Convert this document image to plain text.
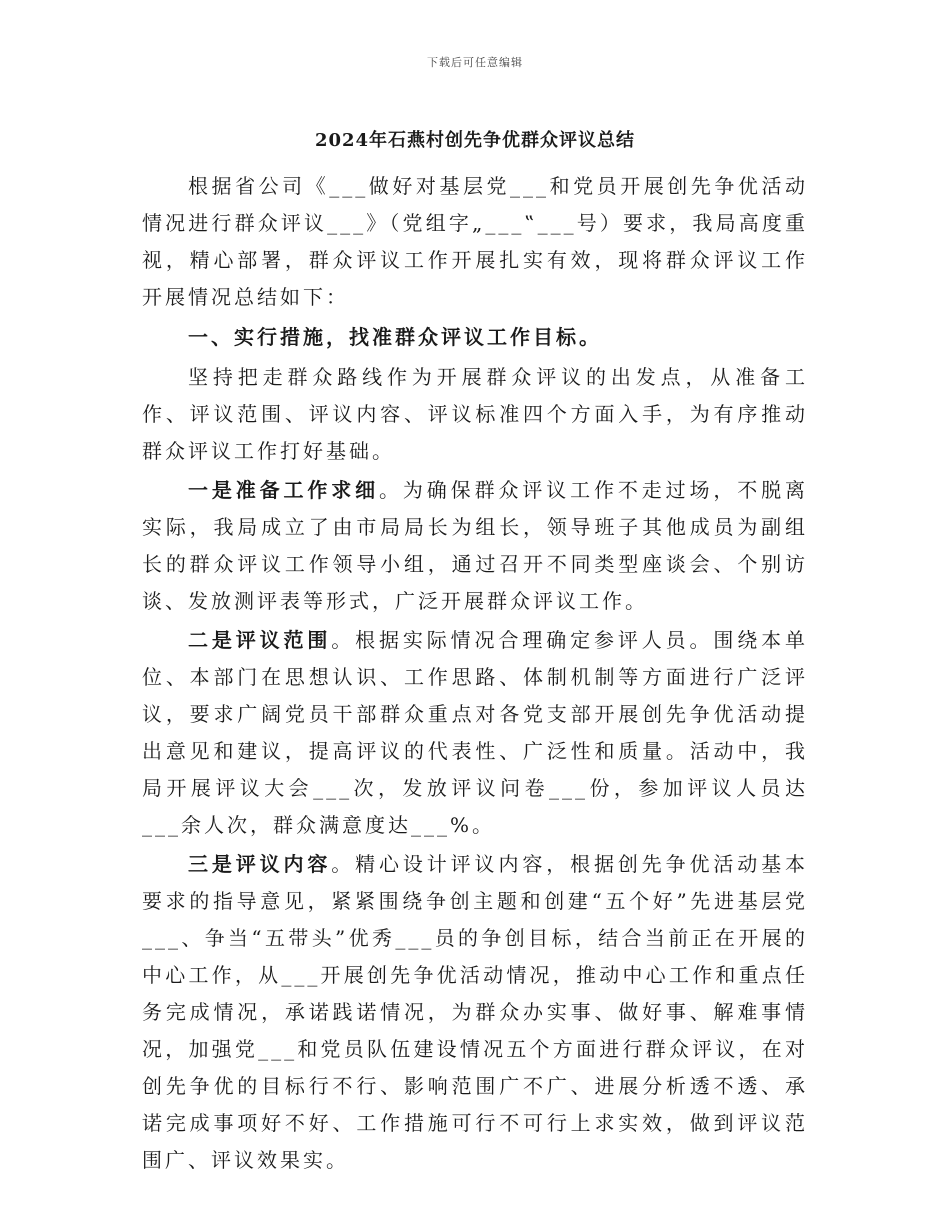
下载后可任意编辑
2024年石燕村创先争优群众评议总结

根据省公司《___做好对基层党___和党员开展创先争优活动情况进行群众评议___》（党组字„___‟___号）要求，我局高度重视，精心部署，群众评议工作开展扎实有效，现将群众评议工作开展情况总结如下：

一、实行措施，找准群众评议工作目标。

坚持把走群众路线作为开展群众评议的出发点，从准备工作、评议范围、评议内容、评议标准四个方面入手，为有序推动群众评议工作打好基础。

一是准备工作求细。为确保群众评议工作不走过场，不脱离实际，我局成立了由市局局长为组长，领导班子其他成员为副组长的群众评议工作领导小组，通过召开不同类型座谈会、个别访谈、发放测评表等形式，广泛开展群众评议工作。

二是评议范围。根据实际情况合理确定参评人员。围绕本单位、本部门在思想认识、工作思路、体制机制等方面进行广泛评议，要求广阔党员干部群众重点对各党支部开展创先争优活动提出意见和建议，提高评议的代表性、广泛性和质量。活动中，我局开展评议大会___次，发放评议问卷___份，参加评议人员达___余人次，群众满意度达___%。

三是评议内容。精心设计评议内容，根据创先争优活动基本要求的指导意见，紧紧围绕争创主题和创建“五个好”先进基层党___、争当“五带头”优秀___员的争创目标，结合当前正在开展的中心工作，从___开展创先争优活动情况，推动中心工作和重点任务完成情况，承诺践诺情况，为群众办实事、做好事、解难事情况，加强党___和党员队伍建设情况五个方面进行群众评议，在对创先争优的目标行不行、影响范围广不广、进展分析透不透、承诺完成事项好不好、工作措施可行不可行上求实效，做到评议范围广、评议效果实。
